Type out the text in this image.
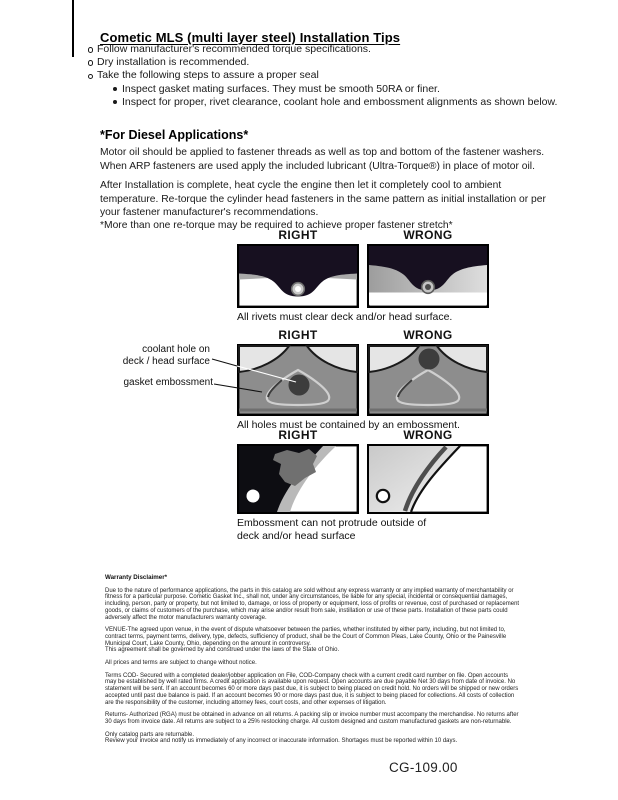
Cometic MLS (multi layer steel) Installation Tips
Follow manufacturer's recommended torque specifications.
Dry installation is recommended.
Take the following steps to assure a proper seal
Inspect gasket mating surfaces. They must be smooth 50RA or finer.
Inspect for proper, rivet clearance, coolant hole and embossment alignments as shown below.
*For Diesel Applications*

Motor oil should be applied to fastener threads as well as top and bottom of the fastener washers. When ARP fasteners are used apply the included lubricant (Ultra-Torque®) in place of motor oil.

After Installation is complete, heat cycle the engine then let it completely cool to ambient temperature. Re-torque the cylinder head fasteners in the same pattern as initial installation or per your fastener manufacturer's recommendations.

*More than one re-torque may be required to achieve proper fastener stretch*

RIGHT	WRONG
All rivets must clear deck and/or head surface.
RIGHT	WRONG
All holes must be contained by an embossment.
coolant hole on
deck / head surface
gasket embossment
RIGHT	WRONG
Embossment can not protrude outside of deck and/or head surface
Warranty Disclaimer*

Due to the nature of performance applications, the parts in this catalog are sold without any express warranty or any implied warranty of merchantability or fitness for a particular purpose. Cometic Gasket Inc., shall not, under any circumstances, be liable for any special, incidental or consequential damages, including, person, party or property, but not limited to, damage, or loss of property or equipment, loss of profits or revenue, cost of purchased or replacement goods, or claims of customers of the purchase, which may arise and/or result from sale, instillation or use of these parts. Installation of these parts could adversely affect the motor manufacturers warranty coverage.

VENUE-The agreed upon venue, in the event of dispute whatsoever between the parties, whether instituted by either party, including, but not limited to, contract terms, payment terms, delivery, type, defects, sufficiency of product, shall be the Court of Common Pleas, Lake County, Ohio or the Painesville Municipal Court, Lake County, Ohio, depending on the amount in controversy.

This agreement shall be governed by and construed under the laws of the State of Ohio.

All prices and terms are subject to change without notice.

Terms COD- Secured with a completed dealer/jobber application on File, COD-Company check with a current credit card number on file. Open accounts may be established by well rated firms. A credit application is available upon request. Open accounts are due payable Net 30 days from date of invoice. No statement will be sent. If an account becomes 60 or more days past due, it is subject to being placed on credit hold. No orders will be shipped or new orders accepted until past due balance is paid. If an account becomes 90 or more days past due, it is subject to being placed for collections. All costs of collection are the responsibility of the customer, including attorney fees, court costs, and other expenses of litigation.

Returns- Authorized (RGA) must be obtained in advance on all returns. A packing slip or invoice number must accompany the merchandise. No returns after 30 days from invoice date. All returns are subject to a 25% restocking charge. All custom designed and custom manufactured gaskets are non-returnable.

Only catalog parts are returnable.

Review your invoice and notify us immediately of any incorrect or inaccurate information. Shortages must be reported within 10 days.

CG-109.00
